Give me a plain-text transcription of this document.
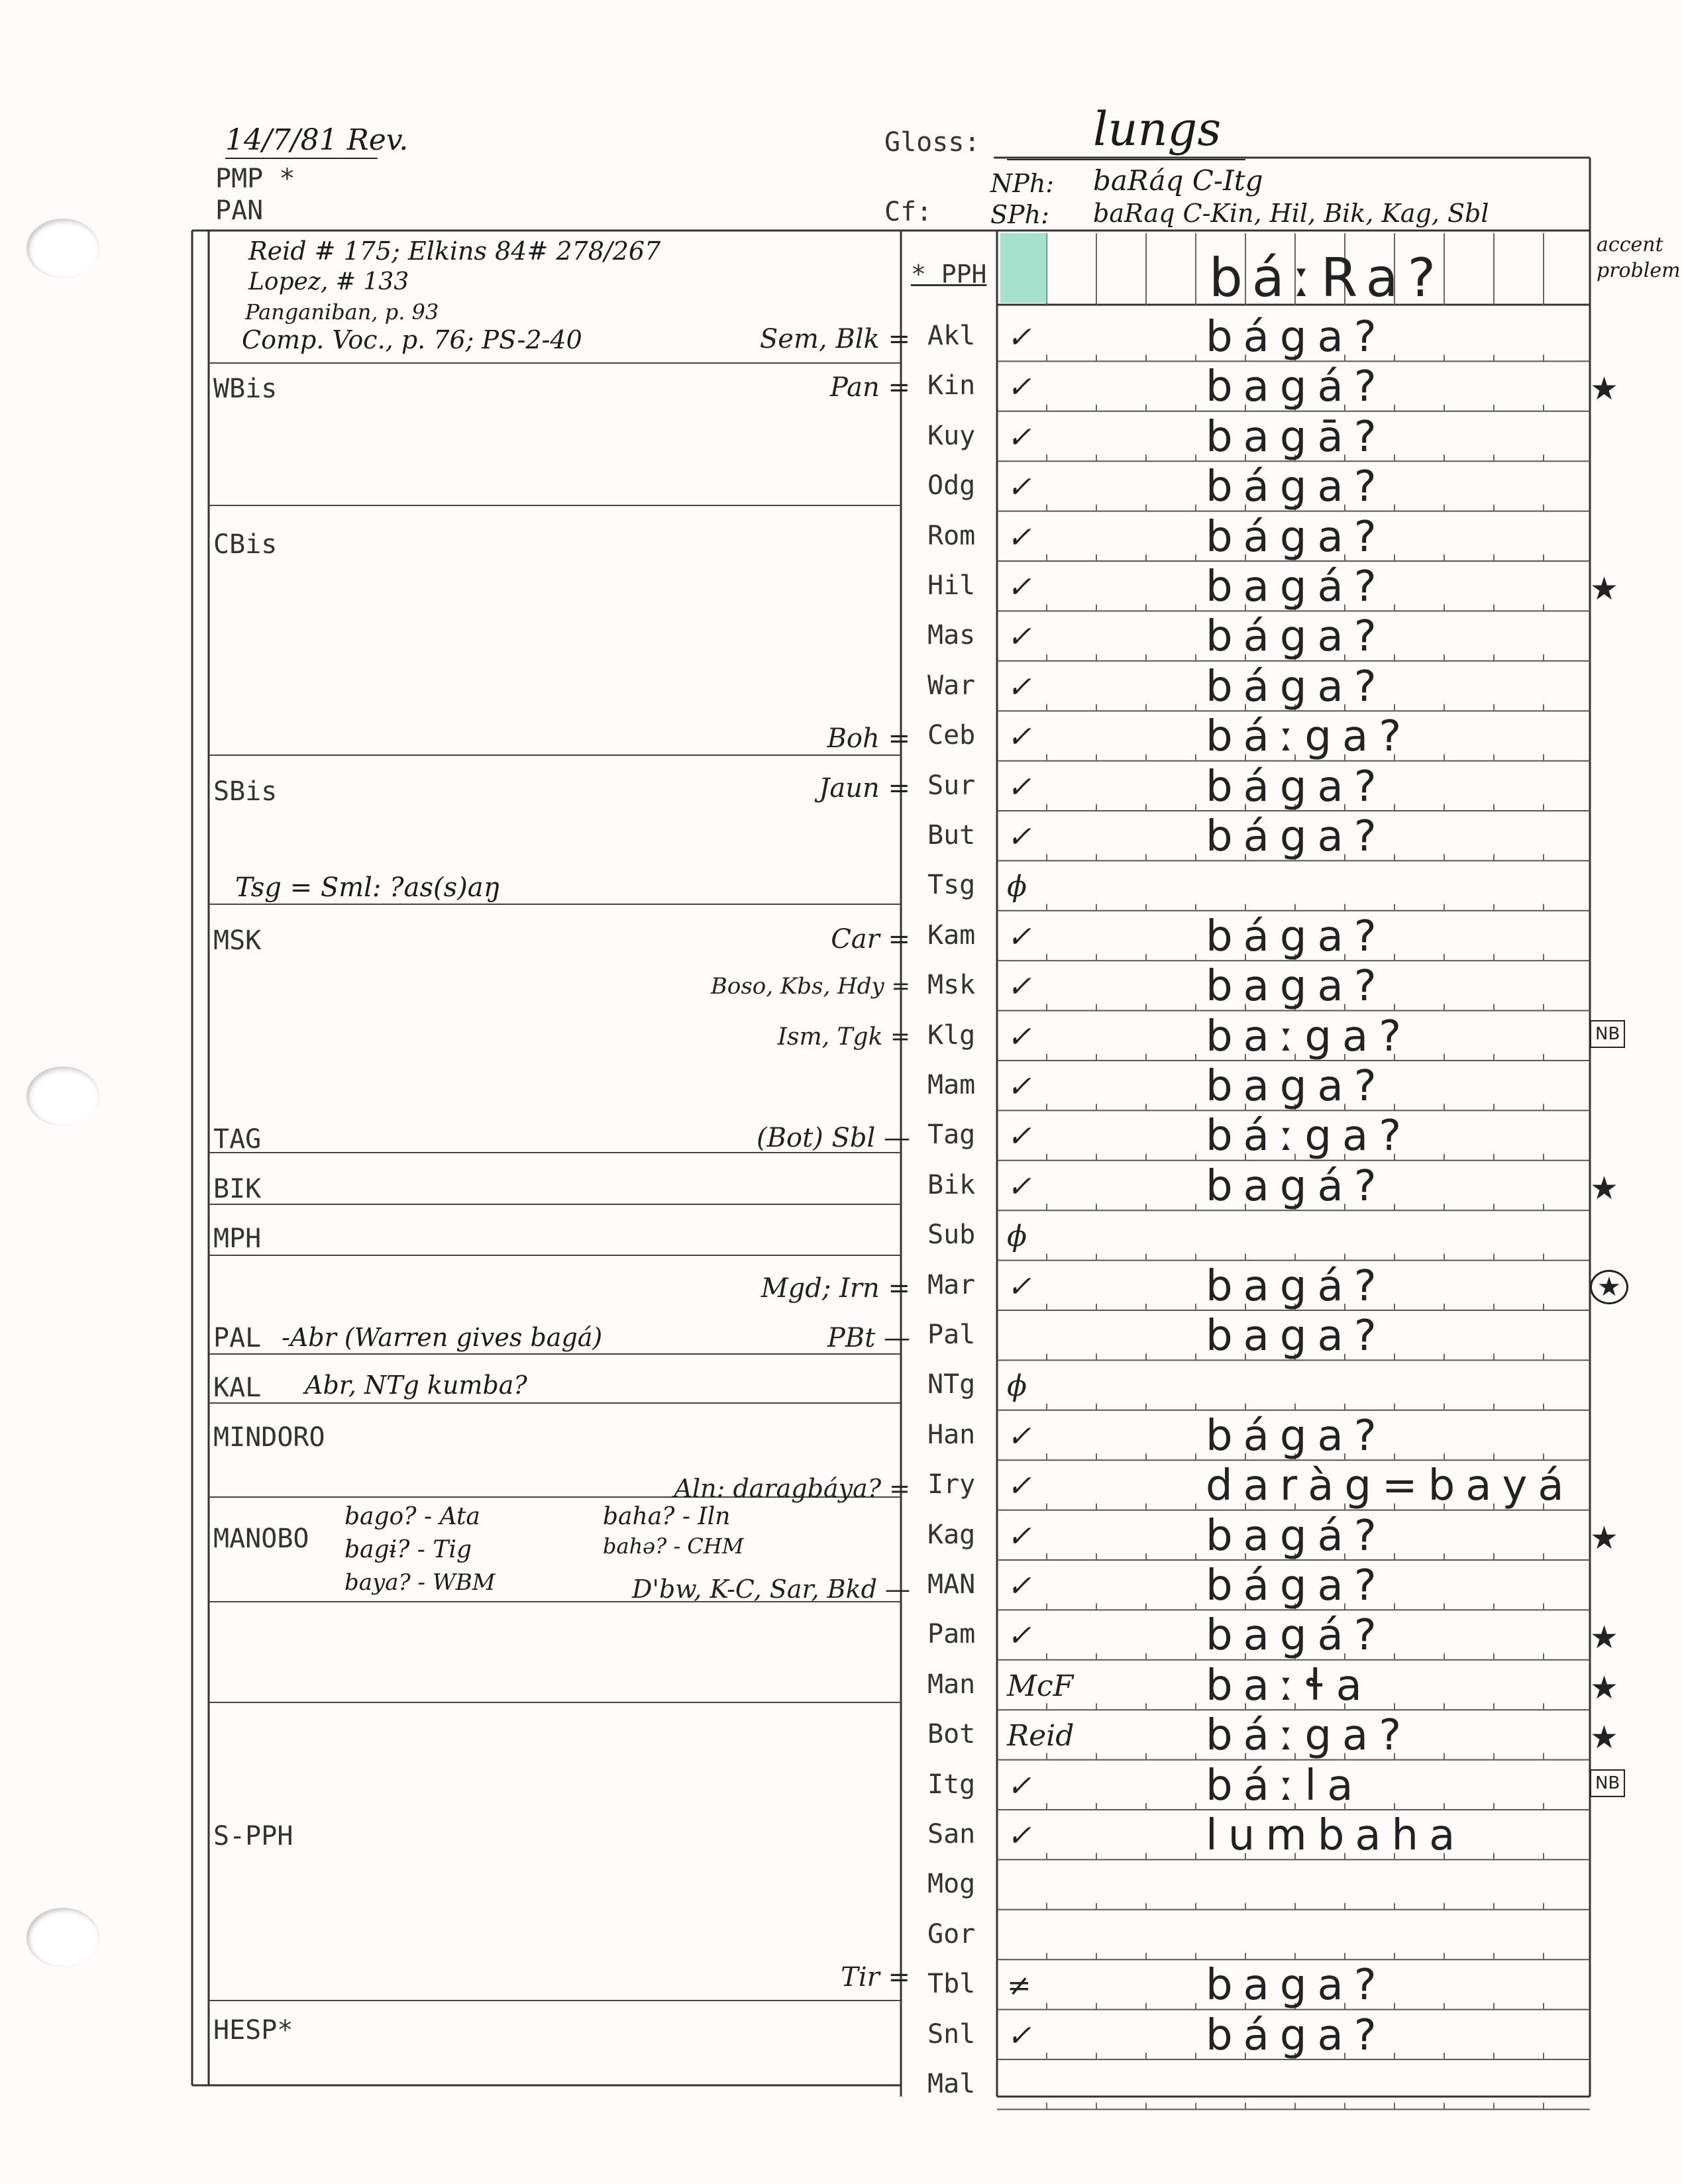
14/7/81 Rev.
PMP *
PAN
Gloss: lungs
Cf:
NPh: baRáq C-Itg
SPh: baRaq C-Kin, Hil, Bik, Kag, Sbl
accent problem
Reid # 175; Elkins 84# 278/267
Lopez, # 133
Panganiban, p. 93
Comp. Voc., p. 76; PS-2-40
WBis
CBis
SBis
MSK
TAG
BIK
MPH
PAL
KAL
MINDORO
MANOBO
S-PPH
HESP*
Tsg = Sml: ?as(s)aŋ
-Abr (Warren gives bagá)
Abr, NTg kumba?
bago? - Ata
bagɨ? - Tig
baya? - WBM
baha? - Iln
bahə? - CHM
Sem, Blk =
Pan =
Boh =
Jaun =
Car =
Boso, Kbs, Hdy =
Ism, Tgk =
(Bot) Sbl —
Mgd; Irn =
PBt —
Aln: daragbáya? =
D'bw, K-C, Sar, Bkd —
Tir =
* PPH	báːRa?
Akl ✓	bága?
Kin ✓	bagá?	★
Kuy ✓	bagā?
Odg ✓	bága?
Rom ✓	bága?
Hil ✓	bagá?	★
Mas ✓	bága?
War ✓	bága?
Ceb ✓	báːga?
Sur ✓	bága?
But ✓	bága?
Tsg ϕ
Kam ✓	bága?
Msk ✓	baga?
Klg ✓	baːga?	NB
Mam ✓	baga?
Tag ✓	báːga?
Bik ✓	bagá?	★
Sub ϕ
Mar ✓	bagá?	★
Pal	baga?
NTg ϕ
Han ✓	bága?
Iry ✓	daràg=bayá
Kag ✓	bagá?	★
MAN ✓	bága?
Pam ✓	bagá?	★
Man McF	baːɬa	★
Bot Reid	báːga?	★
Itg ✓	báːla	NB
San ✓	lumbaha
Mog
Gor
Tbl ≠	baga?
Snl ✓	bága?
Mal
